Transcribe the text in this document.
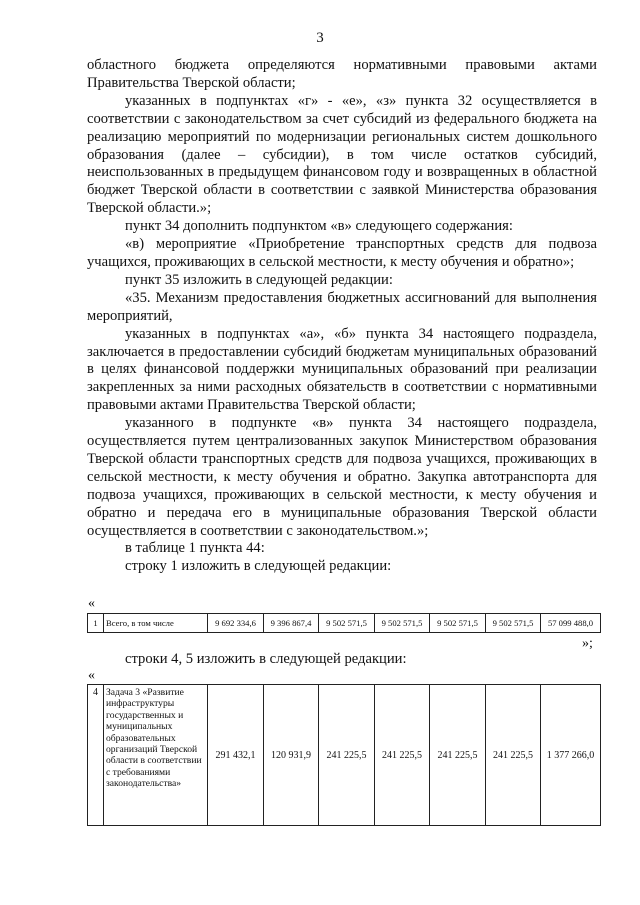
3

областного бюджета определяются нормативными правовыми актами Правительства Тверской области;

указанных в подпунктах «г» - «е», «з» пункта 32 осуществляется в соответствии с законодательством за счет субсидий из федерального бюджета на реализацию мероприятий по модернизации региональных систем дошкольного образования (далее – субсидии), в том числе остатков субсидий, неиспользованных в предыдущем финансовом году и возвращенных в областной бюджет Тверской области в соответствии с заявкой Министерства образования Тверской области.»;

пункт 34 дополнить подпунктом «в» следующего содержания:

«в) мероприятие «Приобретение транспортных средств для подвоза учащихся, проживающих в сельской местности, к месту обучения и обратно»;

пункт 35 изложить в следующей редакции:

«35. Механизм предоставления бюджетных ассигнований для выполнения мероприятий,

указанных в подпунктах «а», «б» пункта 34 настоящего подраздела, заключается в предоставлении субсидий бюджетам муниципальных образований в целях финансовой поддержки муниципальных образований при реализации закрепленных за ними расходных обязательств в соответствии с нормативными правовыми актами Правительства Тверской области;

указанного в подпункте «в» пункта 34 настоящего подраздела, осуществляется путем централизованных закупок Министерством образования Тверской области транспортных средств для подвоза учащихся, проживающих в сельской местности, к месту обучения и обратно. Закупка автотранспорта для подвоза учащихся, проживающих в сельской местности, к месту обучения и обратно и передача его в муниципальные образования Тверской области осуществляется в соответствии с законодательством.»;

в таблице 1 пункта 44:

строку 1 изложить в следующей редакции:

«
1	Всего, в том числе	9 692 334,6	9 396 867,4	9 502 571,5	9 502 571,5	9 502 571,5	9 502 571,5	57 099 488,0
»;

строки 4, 5 изложить в следующей редакции:

«
4	Задача 3 «Развитие инфраструктуры государственных и муниципальных образовательных организаций Тверской области в соответствии с требованиями законодательства»	291 432,1	120 931,9	241 225,5	241 225,5	241 225,5	241 225,5	1 377 266,0
